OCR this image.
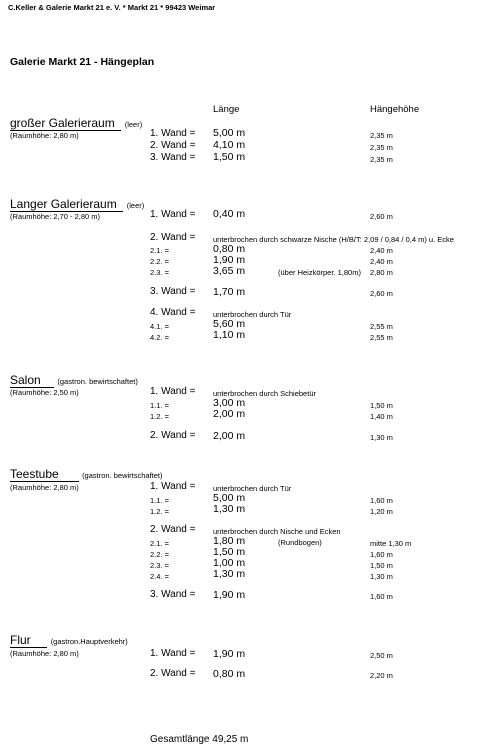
C.Keller & Galerie Markt 21 e. V. * Markt 21 * 99423 Weimar
Galerie Markt 21 - Hängeplan
Länge	Hängehöhe
großer Galerieraum (leer)
(Raumhöhe: 2,80 m)	1. Wand = 5,00 m	2,35 m
2. Wand = 4,10 m	2,35 m
3. Wand = 1,50 m	2,35 m
Langer Galerieraum (leer)
(Raumhöhe: 2,70 - 2,80 m)	1. Wand = 0,40 m	2,60 m
2. Wand = unterbrochen durch schwarze Nische (H/B/T: 2,09 / 0,84 / 0,4 m) u. Ecke
2.1. =	0,80 m	2,40 m
2.2. =	1,90 m	2,40 m
2.3. =	3,65 m	(über Heizkörper. 1,80m) 2,80 m
3. Wand = 1,70 m	2,60 m
4. Wand = unterbrochen durch Tür
4.1. =	5,60 m	2,55 m
4.2. =	1,10 m	2,55 m
Salon (gastron. bewirtschaftet)
(Raumhöhe: 2,50 m)	1. Wand = unterbrochen durch Schiebetür
1.1. =	3,00 m	1,50 m
1.2. =	2,00 m	1,40 m
2. Wand = 2,00 m	1,30 m
Teestube	(gastron. bewirtschaftet)
(Raumhöhe: 2,80 m)	1. Wand = unterbrochen durch Tür
1.1. =	5,00 m	1,60 m
1.2. =	1,30 m	1,20 m
2. Wand = unterbrochen durch Nische und Ecken
2.1. =	1,80 m	(Rundbogen)	mitte 1,30 m
2.2. =	1,50 m	1,60 m
2.3. =	1,00 m	1,50 m
2.4. =	1,30 m	1,30 m
3. Wand = 1,90 m	1,60 m
Flur	(gastron.Hauptverkehr)
(Raumhöhe: 2,80 m)	1. Wand = 1,90 m	2,50 m
2. Wand = 0,80 m	2,20 m
Gesamtlänge 49,25 m
